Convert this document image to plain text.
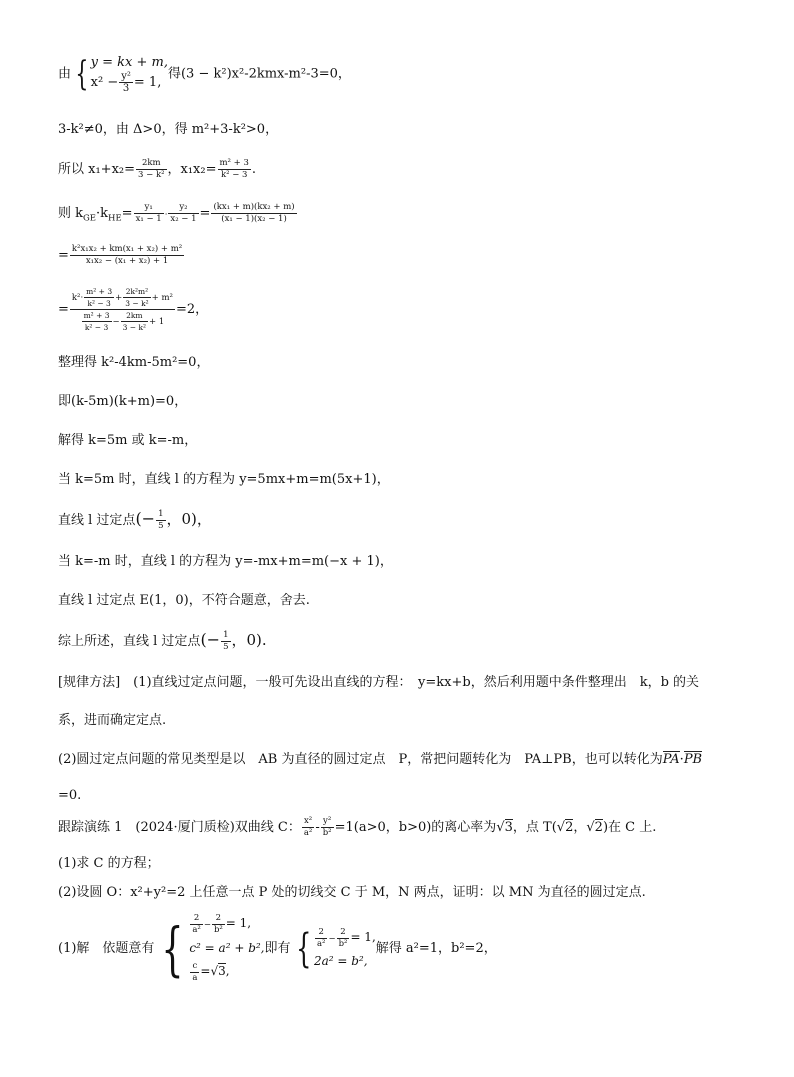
由 { y = kx + m,
$x^2 - \frac{\text{y²}}{3} = 1$,
得(3 − k²)x²-2kmx-m²-3=0，
3-k²≠0，由 Δ>0，得 m²+3-k²>0，
所以 $x_1+x_2= \frac{2km}{\text{3 − k²}}$ ，$x_1x_2= \frac{\text{m² + 3}}{\text{k² − 3}}$ .
则 $k_{GE}\cdot k_{HE}= \frac{\text{y₁}}{\text{x₁ − 1}} \cdot \frac{\text{y₂}}{\text{x₂ − 1}} = \frac{\text{(kx₁ + m)(kx₂ + m)}}{\text{(x₁ − 1)(x₂ − 1)}}$
= $\frac{\text{k²x₁x₂ + km(x₁ + x₂) + m²}}{\text{x₁x₂ − (x₁ + x₂) + 1}}$
= $\frac{k^2\cdot \frac{\text{m² + 3}}{\text{k² − 3}} + \frac{\text{2k²m²}}{\text{3 − k²}} + m^2}{\frac{\text{m² + 3}}{\text{k² − 3}} - \frac{2km}{\text{3 − k²}} + 1} =2$，
整理得 k²-4km-5m²=0，
即(k-5m)(k+m)=0，
解得 k=5m 或 k=-m，
当 k=5m 时，直线 l 的方程为 y=5mx+m=m(5x+1)，
直线 l 过定点(− $\frac{1}{5}$ ，0)，
当 k=-m 时，直线 l 的方程为 y=-mx+m=m(−x + 1)，
直线 l 过定点 E(1，0)，不符合题意，舍去.
综上所述，直线 l 过定点(− $\frac{1}{5}$ ，0).
[规律方法]　(1)直线过定点问题，一般可先设出直线的方程：　y=kx+b，然后利用题中条件整理出　k，b 的关
系，进而确定定点.
(2)圆过定点问题的常见类型是以　AB 为直径的圆过定点　P，常把问题转化为　PA⊥PB，也可以转化为PA·PB
=0.
跟踪演练 1　(2024·厦门质检)双曲线 C： $\frac{\text{x²}}{\text{a²}} - \frac{\text{y²}}{\text{b²}} =1(a>0$，b>0)的离心率为√3，点 T(√2，√2)在 C 上.
(1)求 C 的方程；
(2)设圆 O：x²+y²=2 上任意一点 P 处的切线交 C 于 M，N 两点，证明：以 MN 为直径的圆过定点.
(1)解　依题意有 { $\frac{2}{\text{a²}} - \frac{2}{\text{b²}} = 1$,
c² = a² + b²,
$\frac{c}{a} =√3$,
即有 { $\frac{2}{\text{a²}} - \frac{2}{\text{b²}} = 1$,
2a² = b²,
解得 a²=1，b²=2，
